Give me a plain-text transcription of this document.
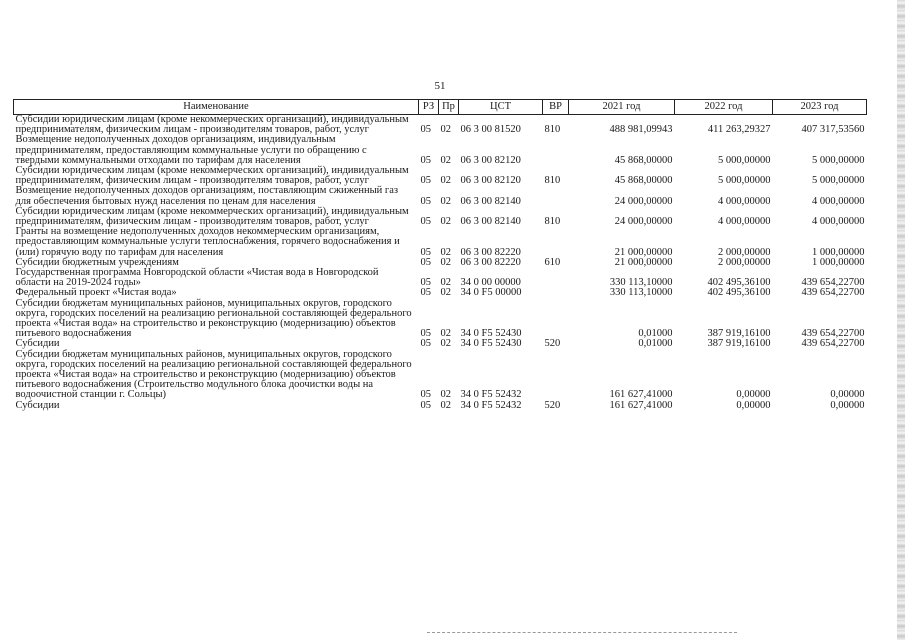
51
Наименование	РЗ	Пр	ЦСТ	ВР	2021 год	2022 год	2023 год
Субсидии юридическим лицам (кроме некоммерческих организаций), индивидуальным предпринимателям, физическим лицам - производителям товаров, работ, услуг	05	02	06 3 00 81520	810	488 981,09943	411 263,29327	407 317,53560
Возмещение недополученных доходов организациям, индивидуальным предпринимателям, предоставляющим коммунальные услуги по обращению с твердыми коммунальными отходами по тарифам для населения	05	02	06 3 00 82120		45 868,00000	5 000,00000	5 000,00000
Субсидии юридическим лицам (кроме некоммерческих организаций), индивидуальным предпринимателям, физическим лицам - производителям товаров, работ, услуг	05	02	06 3 00 82120	810	45 868,00000	5 000,00000	5 000,00000
Возмещение недополученных доходов организациям, поставляющим сжиженный газ для обеспечения бытовых нужд населения по ценам для населения	05	02	06 3 00 82140		24 000,00000	4 000,00000	4 000,00000
Субсидии юридическим лицам (кроме некоммерческих организаций), индивидуальным предпринимателям, физическим лицам - производителям товаров, работ, услуг	05	02	06 3 00 82140	810	24 000,00000	4 000,00000	4 000,00000
Гранты на возмещение недополученных доходов некоммерческим организациям, предоставляющим коммунальные услуги теплоснабжения, горячего водоснабжения и (или) горячую воду по тарифам для населения	05	02	06 3 00 82220		21 000,00000	2 000,00000	1 000,00000
Субсидии бюджетным учреждениям	05	02	06 3 00 82220	610	21 000,00000	2 000,00000	1 000,00000
Государственная программа Новгородской области «Чистая вода в Новгородской области на 2019-2024 годы»	05	02	34 0 00 00000		330 113,10000	402 495,36100	439 654,22700
Федеральный проект «Чистая вода»	05	02	34 0 F5 00000		330 113,10000	402 495,36100	439 654,22700
Субсидии бюджетам муниципальных районов, муниципальных округов, городского округа, городских поселений на реализацию региональной составляющей федерального проекта «Чистая вода» на строительство и реконструкцию (модернизацию) объектов питьевого водоснабжения	05	02	34 0 F5 52430		0,01000	387 919,16100	439 654,22700
Субсидии	05	02	34 0 F5 52430	520	0,01000	387 919,16100	439 654,22700
Субсидии бюджетам муниципальных районов, муниципальных округов, городского округа, городских поселений на реализацию региональной составляющей федерального проекта «Чистая вода» на строительство и реконструкцию (модернизацию) объектов питьевого водоснабжения (Строительство модульного блока доочистки воды на водоочистной станции г. Сольцы)	05	02	34 0 F5 52432		161 627,41000	0,00000	0,00000
Субсидии	05	02	34 0 F5 52432	520	161 627,41000	0,00000	0,00000
